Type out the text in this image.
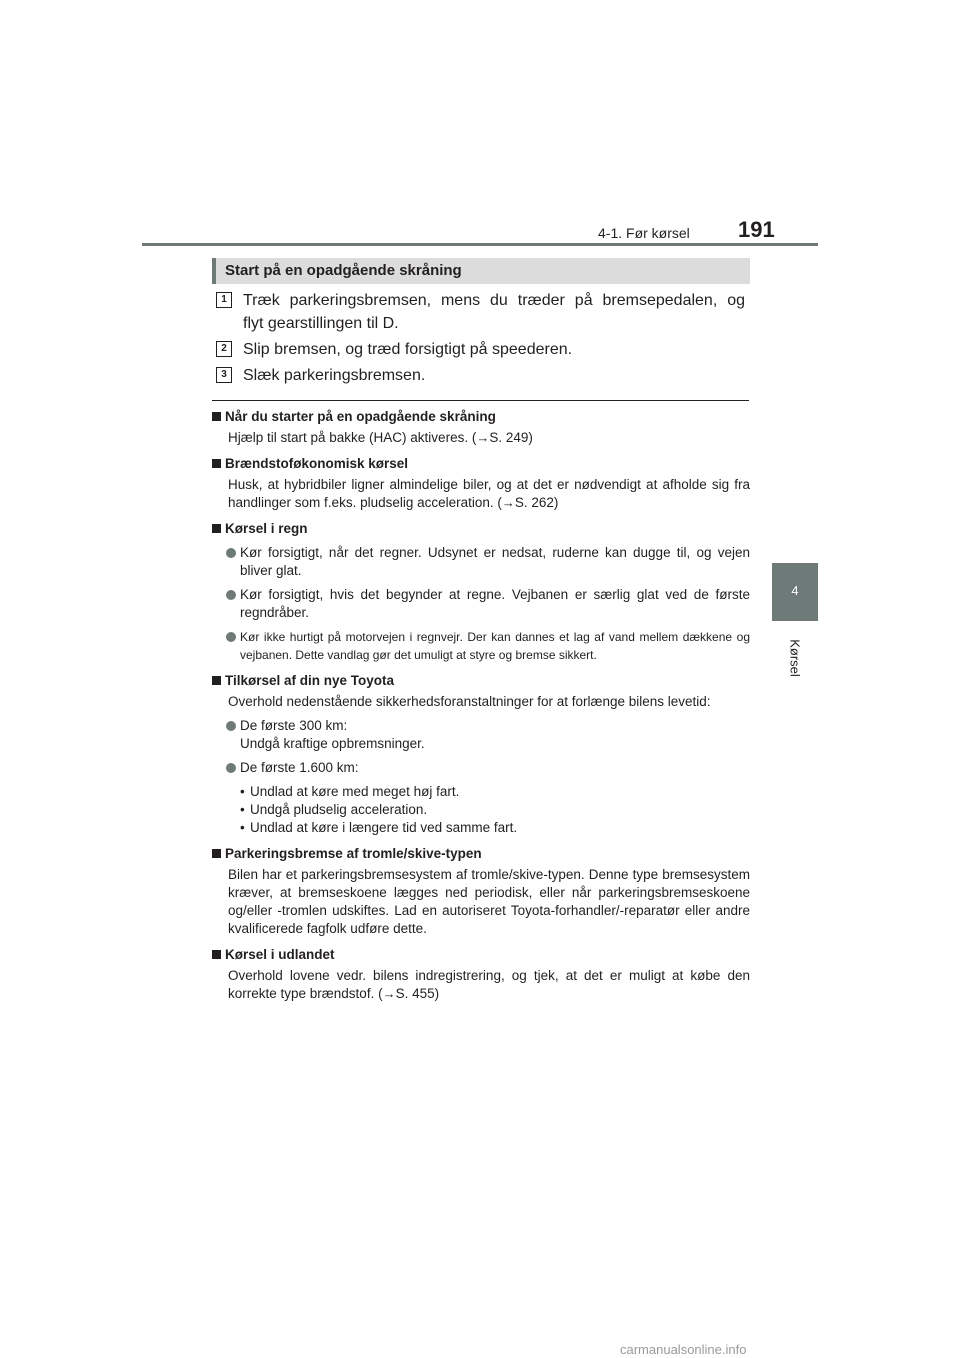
4-1. Før kørsel 191
4
Kørsel
Start på en opadgående skråning
1	Træk parkeringsbremsen, mens du træder på bremsepedalen, og
flyt gearstillingen til D.
2	Slip bremsen, og træd forsigtigt på speederen.
3	Slæk parkeringsbremsen.
Når du starter på en opadgående skråning
Hjælp til start på bakke (HAC) aktiveres. (→S. 249)
Brændstoføkonomisk kørsel
Husk, at hybridbiler ligner almindelige biler, og at det er nødvendigt at afholde sig fra handlinger som f.eks. pludselig acceleration. (→S. 262)
Kørsel i regn
Kør forsigtigt, når det regner. Udsynet er nedsat, ruderne kan dugge til, og vejen bliver glat.
Kør forsigtigt, hvis det begynder at regne. Vejbanen er særlig glat ved de første regndråber.
Kør ikke hurtigt på motorvejen i regnvejr. Der kan dannes et lag af vand mellem dækkene og vejbanen. Dette vandlag gør det umuligt at styre og bremse sikkert.
Tilkørsel af din nye Toyota
Overhold nedenstående sikkerhedsforanstaltninger for at forlænge bilens levetid:
De første 300 km:
Undgå kraftige opbremsninger.
De første 1.600 km:
• Undlad at køre med meget høj fart.
• Undgå pludselig acceleration.
• Undlad at køre i længere tid ved samme fart.
Parkeringsbremse af tromle/skive-typen
Bilen har et parkeringsbremsesystem af tromle/skive-typen. Denne type bremsesystem kræver, at bremseskoene lægges ned periodisk, eller når parkeringsbremseskoene og/eller -tromlen udskiftes. Lad en autoriseret Toyota-forhandler/-reparatør eller andre kvalificerede fagfolk udføre dette.
Kørsel i udlandet
Overhold lovene vedr. bilens indregistrering, og tjek, at det er muligt at købe den korrekte type brændstof. (→S. 455)
carmanualsonline.info
